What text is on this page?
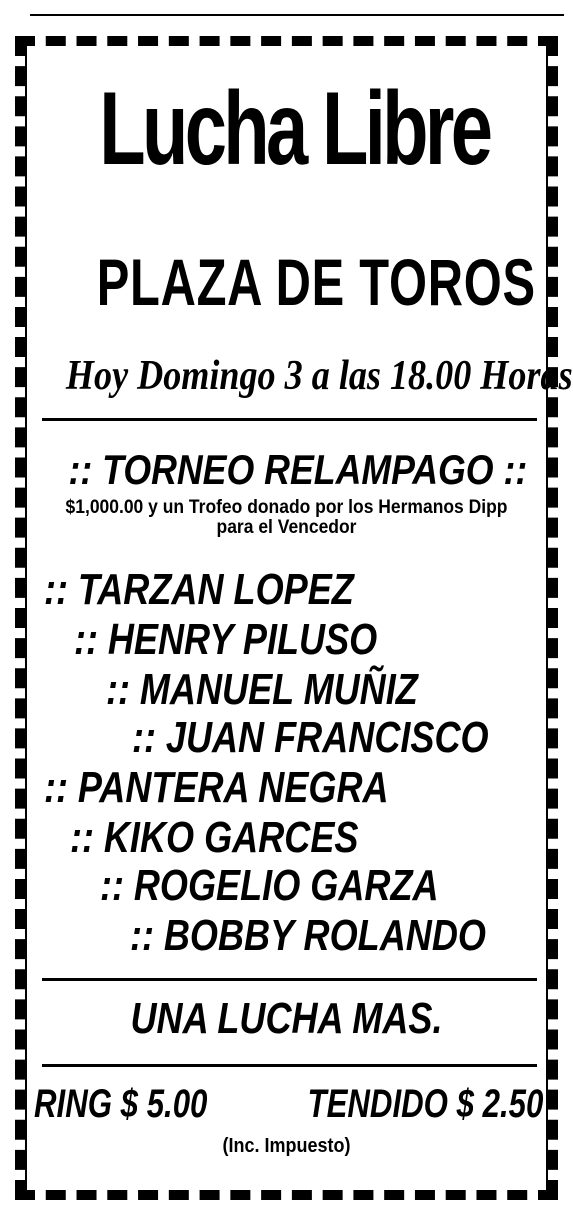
Lucha Libre
PLAZA DE TOROS
Hoy Domingo 3 a las 18.00 Horas
:: TORNEO RELAMPAGO ::
$1,000.00 y un Trofeo donado por los Hermanos Dipp para el Vencedor
:: TARZAN LOPEZ
:: HENRY PILUSO
:: MANUEL MUÑIZ
:: JUAN FRANCISCO
:: PANTERA NEGRA
:: KIKO GARCES
:: ROGELIO GARZA
:: BOBBY ROLANDO
UNA LUCHA MAS.
RING $ 5.00 TENDIDO $ 2.50
(Inc. Impuesto)
